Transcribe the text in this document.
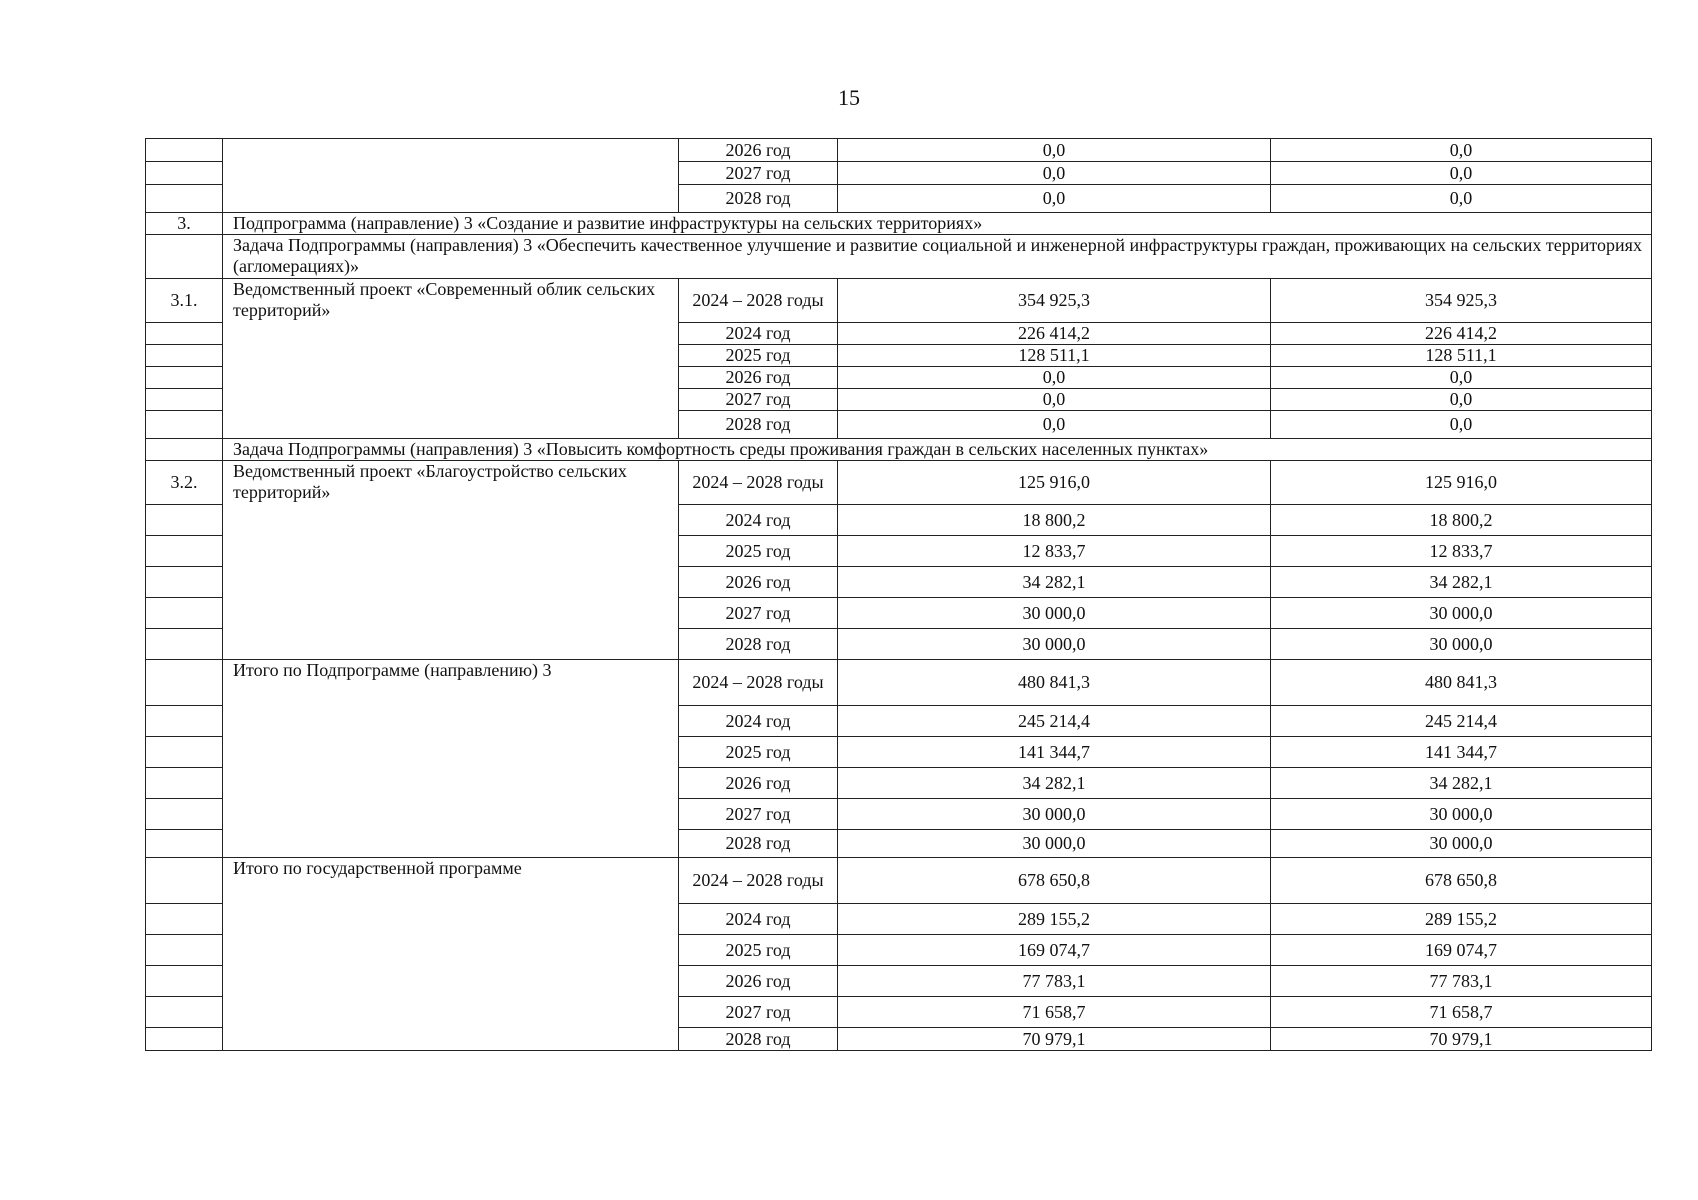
15
		2026 год	0,0	0,0
		2027 год	0,0	0,0
		2028 год	0,0	0,0
3.	Подпрограмма (направление) 3 «Создание и развитие инфраструктуры на сельских территориях»			
	Задача Подпрограммы (направления) 3 «Обеспечить качественное улучшение и развитие социальной и инженерной инфраструктуры граждан, проживающих на сельских территориях (агломерациях)»			
3.1.	Ведомственный проект «Современный облик сельских территорий»	2024 – 2028 годы	354 925,3	354 925,3
		2024 год	226 414,2	226 414,2
		2025 год	128 511,1	128 511,1
		2026 год	0,0	0,0
		2027 год	0,0	0,0
		2028 год	0,0	0,0
	Задача Подпрограммы (направления) 3 «Повысить комфортность среды проживания граждан в сельских населенных пунктах»			
3.2.	Ведомственный проект «Благоустройство сельских территорий»	2024 – 2028 годы	125 916,0	125 916,0
		2024 год	18 800,2	18 800,2
		2025 год	12 833,7	12 833,7
		2026 год	34 282,1	34 282,1
		2027 год	30 000,0	30 000,0
		2028 год	30 000,0	30 000,0
	Итого по Подпрограмме (направлению) 3	2024 – 2028 годы	480 841,3	480 841,3
		2024 год	245 214,4	245 214,4
		2025 год	141 344,7	141 344,7
		2026 год	34 282,1	34 282,1
		2027 год	30 000,0	30 000,0
		2028 год	30 000,0	30 000,0
	Итого по государственной программе	2024 – 2028 годы	678 650,8	678 650,8
		2024 год	289 155,2	289 155,2
		2025 год	169 074,7	169 074,7
		2026 год	77 783,1	77 783,1
		2027 год	71 658,7	71 658,7
		2028 год	70 979,1	70 979,1
